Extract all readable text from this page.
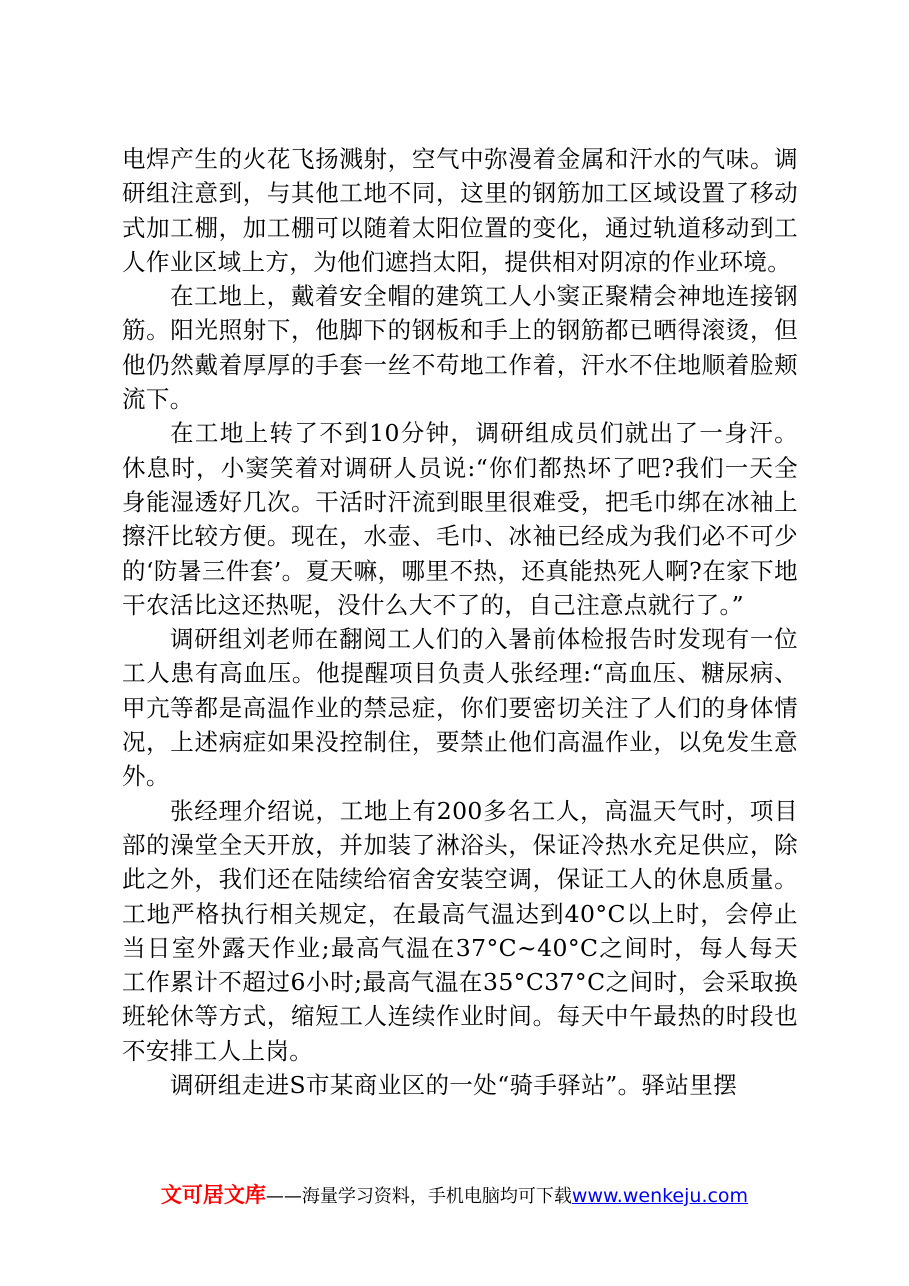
电焊产生的火花飞扬溅射，空气中弥漫着金属和汗水的气味。调研组注意到，与其他工地不同，这里的钢筋加工区域设置了移动式加工棚，加工棚可以随着太阳位置的变化，通过轨道移动到工人作业区域上方，为他们遮挡太阳，提供相对阴凉的作业环境。

在工地上，戴着安全帽的建筑工人小窦正聚精会神地连接钢筋。阳光照射下，他脚下的钢板和手上的钢筋都已晒得滚烫，但他仍然戴着厚厚的手套一丝不苟地工作着，汗水不住地顺着脸颊流下。

在工地上转了不到10分钟，调研组成员们就出了一身汗。休息时，小窦笑着对调研人员说:“你们都热坏了吧?我们一天全身能湿透好几次。干活时汗流到眼里很难受，把毛巾绑在冰袖上擦汗比较方便。现在，水壶、毛巾、冰袖已经成为我们必不可少的‘防暑三件套’。夏天嘛，哪里不热，还真能热死人啊?在家下地干农活比这还热呢，没什么大不了的，自己注意点就行了。”

调研组刘老师在翻阅工人们的入暑前体检报告时发现有一位工人患有高血压。他提醒项目负责人张经理:“高血压、糖尿病、甲亢等都是高温作业的禁忌症，你们要密切关注了人们的身体情况，上述病症如果没控制住，要禁止他们高温作业，以免发生意外。

张经理介绍说，工地上有200多名工人，高温天气时，项目部的澡堂全天开放，并加装了淋浴头，保证冷热水充足供应，除此之外，我们还在陆续给宿舍安装空调，保证工人的休息质量。工地严格执行相关规定，在最高气温达到40°C以上时，会停止当日室外露天作业;最高气温在37°C~40°C之间时，每人每天工作累计不超过6小时;最高气温在35°C37°C之间时，会采取换班轮休等方式，缩短工人连续作业时间。每天中午最热的时段也不安排工人上岗。

调研组走进S市某商业区的一处“骑手驿站”。驿站里摆

文可居文库——海量学习资料，手机电脑均可下载www.wenkeju.com
